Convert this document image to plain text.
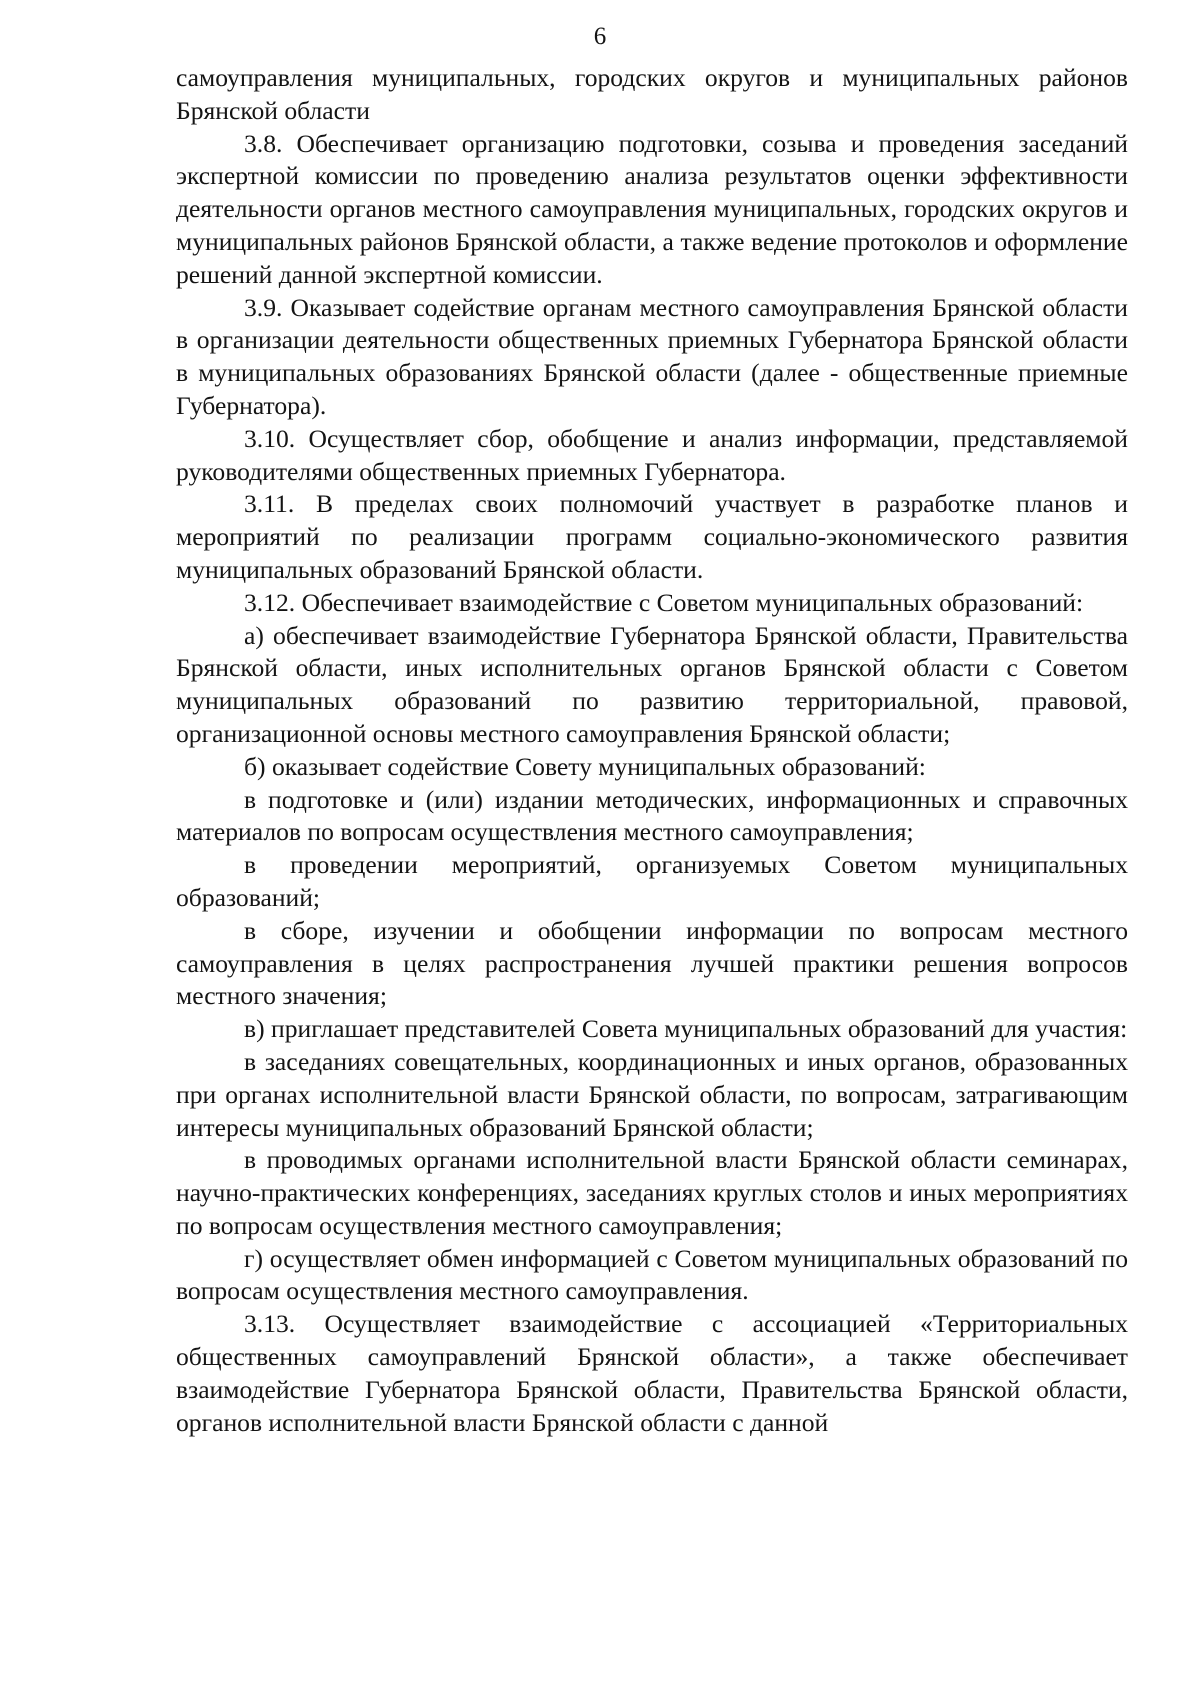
6

самоуправления муниципальных, городских округов и муниципальных районов Брянской области

3.8. Обеспечивает организацию подготовки, созыва и проведения заседаний экспертной комиссии по проведению анализа результатов оценки эффективности деятельности органов местного самоуправления муниципальных, городских округов и муниципальных районов Брянской области, а также ведение протоколов и оформление решений данной экспертной комиссии.

3.9. Оказывает содействие органам местного самоуправления Брянской области в организации деятельности общественных приемных Губернатора Брянской области в муниципальных образованиях Брянской области (далее - общественные приемные Губернатора).

3.10. Осуществляет сбор, обобщение и анализ информации, представляемой руководителями общественных приемных Губернатора.

3.11. В пределах своих полномочий участвует в разработке планов и мероприятий по реализации программ социально-экономического развития муниципальных образований Брянской области.

3.12. Обеспечивает взаимодействие с Советом муниципальных образований:

а) обеспечивает взаимодействие Губернатора Брянской области, Правительства Брянской области, иных исполнительных органов Брянской области с Советом муниципальных образований по развитию территориальной, правовой, организационной основы местного самоуправления Брянской области;

б) оказывает содействие Совету муниципальных образований:

в подготовке и (или) издании методических, информационных и справочных материалов по вопросам осуществления местного самоуправления;

в проведении мероприятий, организуемых Советом муниципальных образований;

в сборе, изучении и обобщении информации по вопросам местного самоуправления в целях распространения лучшей практики решения вопросов местного значения;

в) приглашает представителей Совета муниципальных образований для участия:

в заседаниях совещательных, координационных и иных органов, образованных при органах исполнительной власти Брянской области, по вопросам, затрагивающим интересы муниципальных образований Брянской области;

в проводимых органами исполнительной власти Брянской области семинарах, научно-практических конференциях, заседаниях круглых столов и иных мероприятиях по вопросам осуществления местного самоуправления;

г) осуществляет обмен информацией с Советом муниципальных образований по вопросам осуществления местного самоуправления.

3.13. Осуществляет взаимодействие с ассоциацией «Территориальных общественных самоуправлений Брянской области», а также обеспечивает взаимодействие Губернатора Брянской области, Правительства Брянской области, органов исполнительной власти Брянской области с данной
